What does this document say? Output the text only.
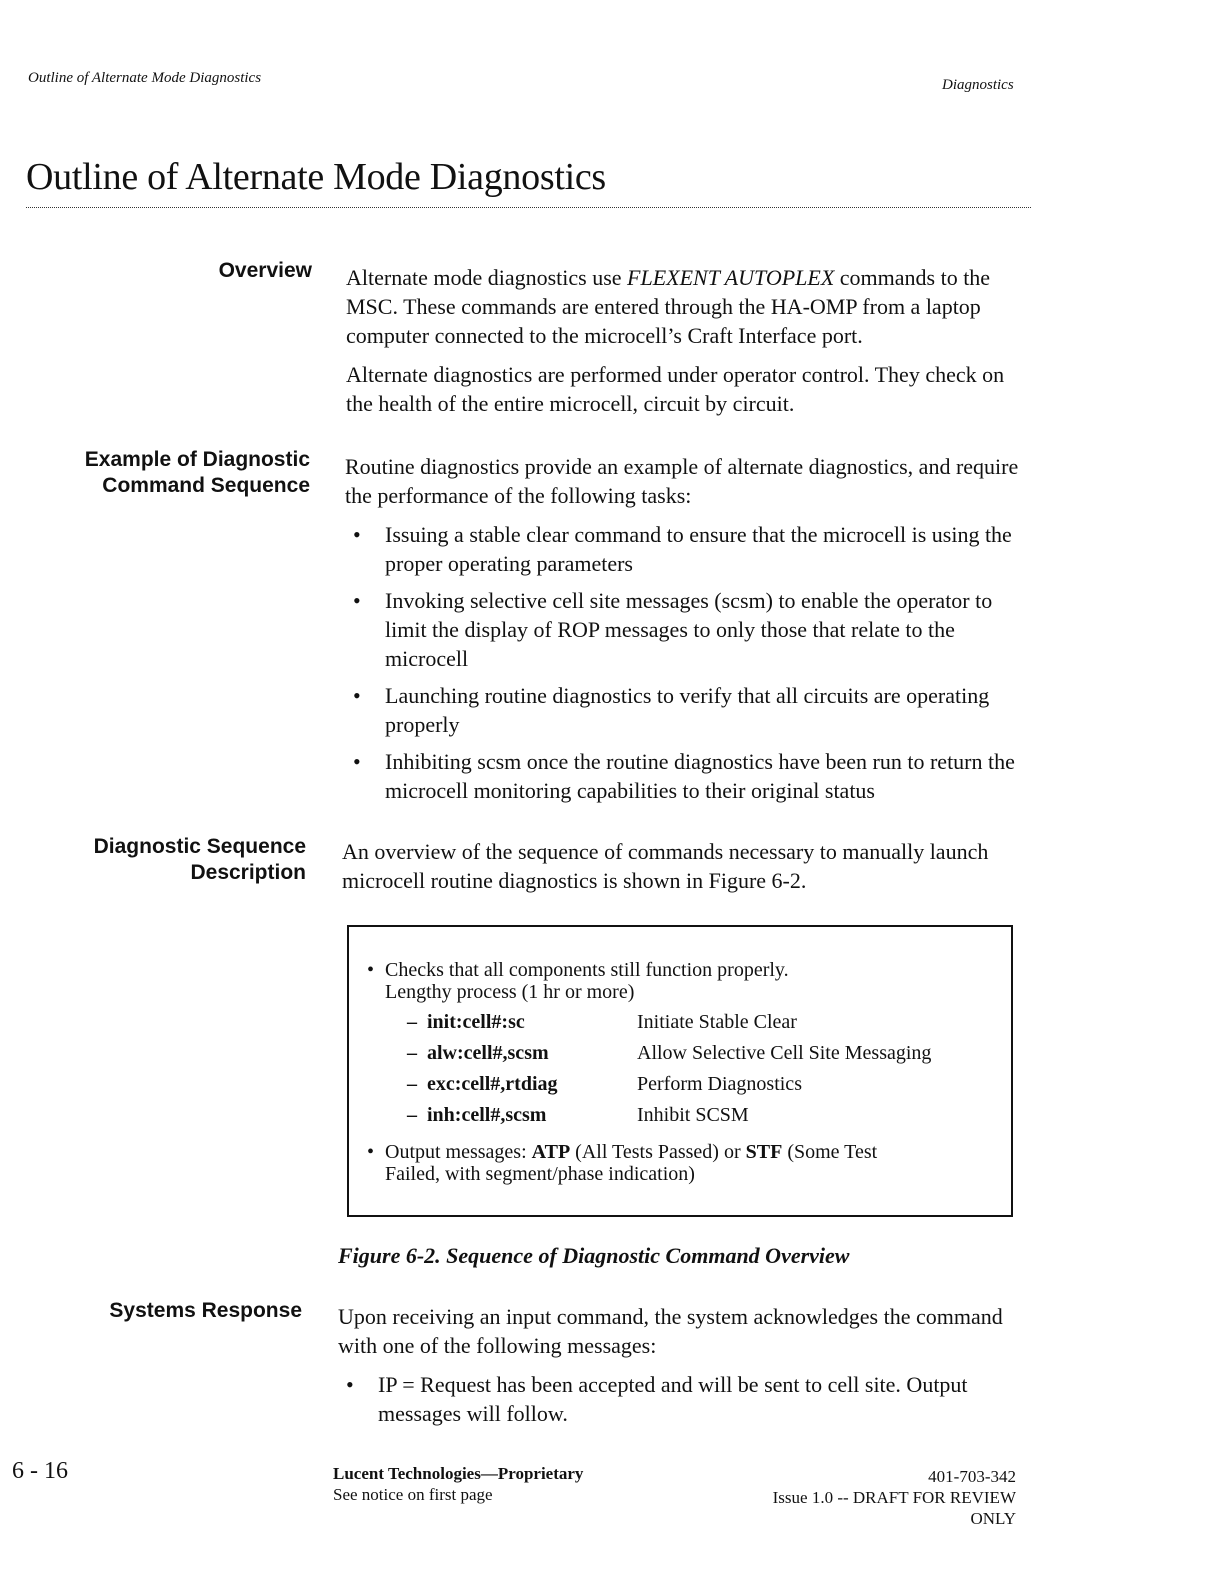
Outline of Alternate Mode Diagnostics	Diagnostics
Outline of Alternate Mode Diagnostics
Overview Alternate mode diagnostics use FLEXENT AUTOPLEX commands to the MSC. These commands are entered through the HA-OMP from a laptop computer connected to the microcell’s Craft Interface port.

Alternate diagnostics are performed under operator control. They check on the health of the entire microcell, circuit by circuit.

Example of Diagnostic
Command Sequence

Routine diagnostics provide an example of alternate diagnostics, and require the performance of the following tasks:

• Issuing a stable clear command to ensure that the microcell is using the proper operating parameters
• Invoking selective cell site messages (scsm) to enable the operator to limit the display of ROP messages to only those that relate to the microcell
• Launching routine diagnostics to verify that all circuits are operating properly
• Inhibiting scsm once the routine diagnostics have been run to return the microcell monitoring capabilities to their original status
Diagnostic Sequence
Description
An overview of the sequence of commands necessary to manually launch microcell routine diagnostics is shown in Figure 6-2.
• Checks that all components still function properly.
Lengthy process (1 hr or more)
–  init:cell#:sc	Initiate Stable Clear
–  alw:cell#,scsm	Allow Selective Cell Site Messaging
–  exc:cell#,rtdiag	Perform Diagnostics
–  inh:cell#,scsm	Inhibit SCSM
• Output messages: ATP (All Tests Passed) or STF (Some Test
Failed, with segment/phase indication)
Figure 6-2. Sequence of Diagnostic Command Overview
Systems Response Upon receiving an input command, the system acknowledges the command with one of the following messages:

• IP = Request has been accepted and will be sent to cell site. Output messages will follow.
6 - 16	Lucent Technologies—Proprietary
See notice on first page
401-703-342
Issue 1.0 -- DRAFT FOR REVIEW
ONLY
